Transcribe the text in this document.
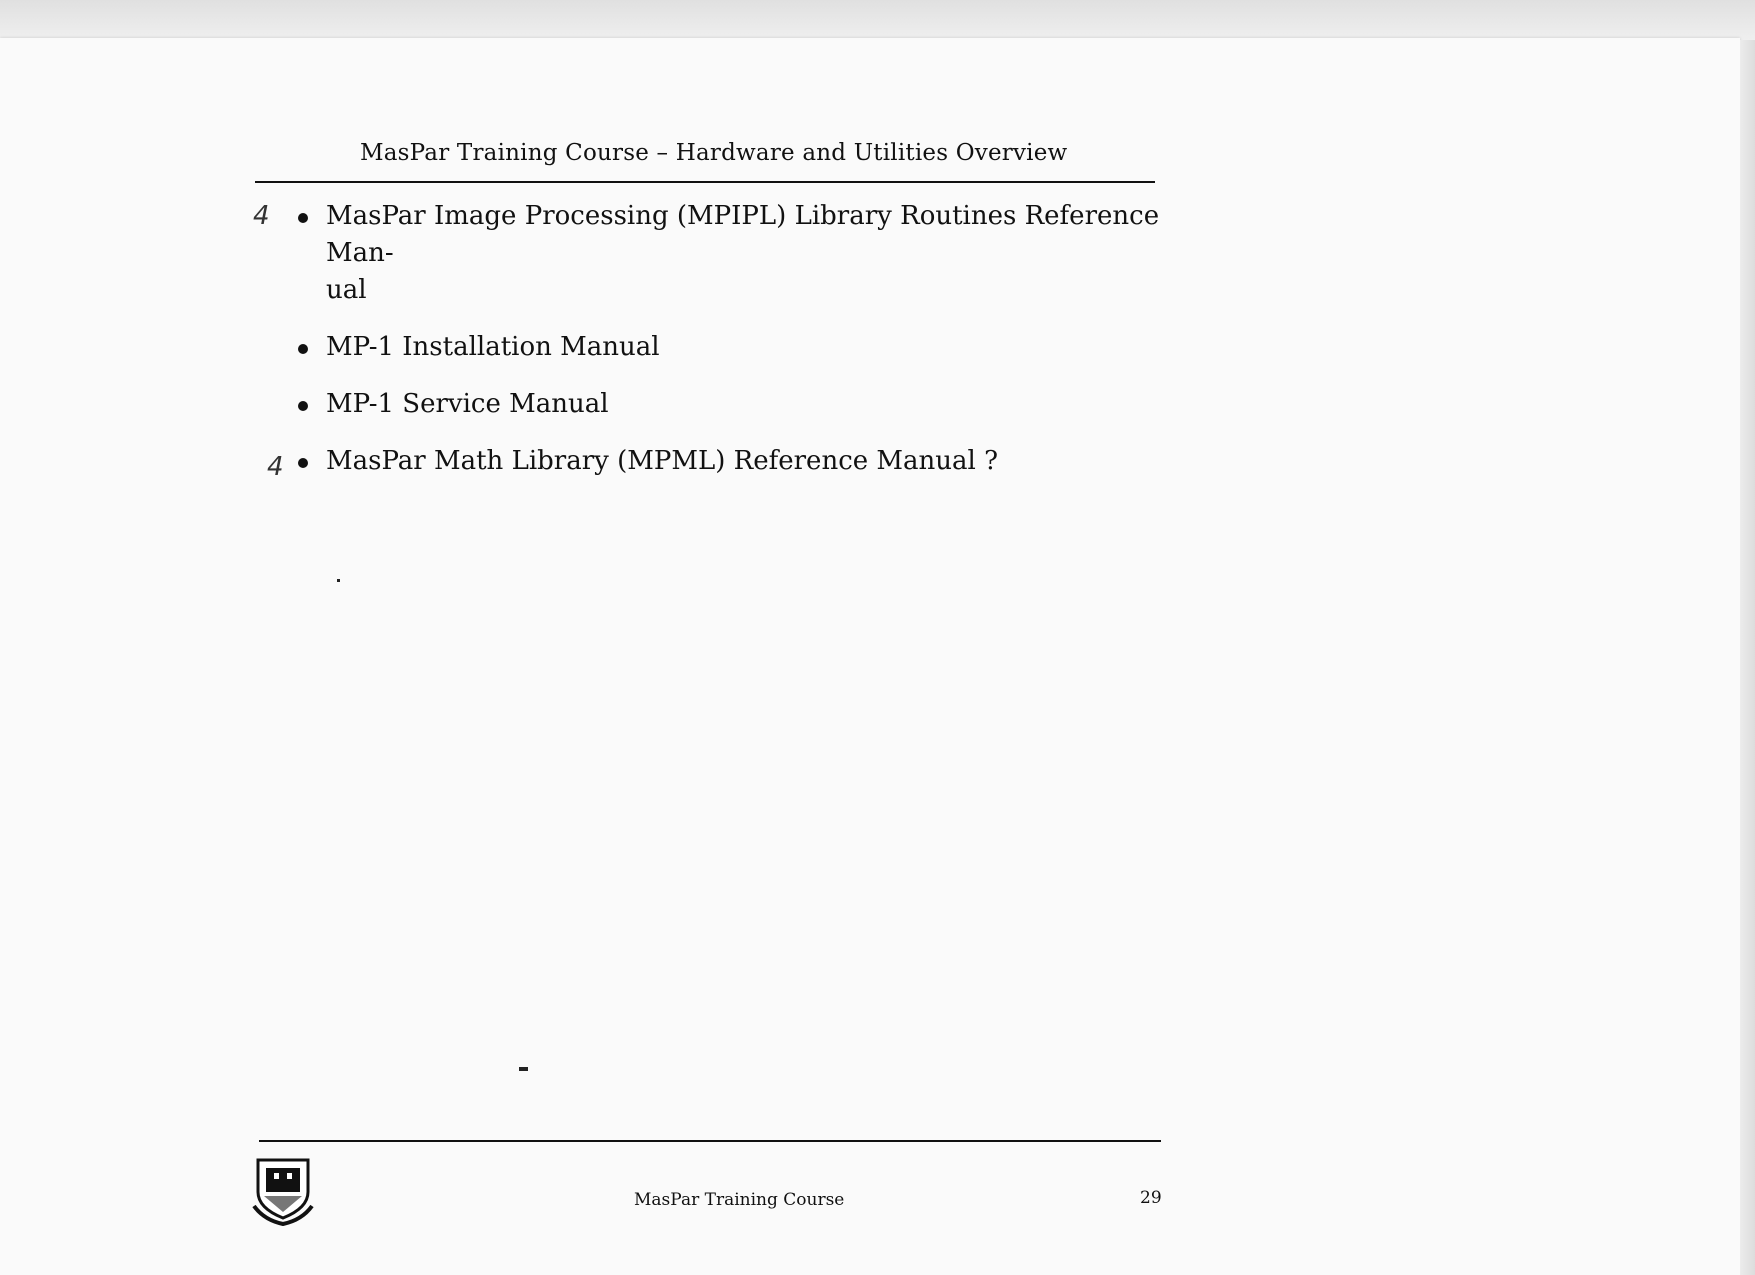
MasPar Training Course – Hardware and Utilities Overview
4 MasPar Image Processing (MPIPL) Library Routines Reference Man-
ual
MP-1 Installation Manual
MP-1 Service Manual
4 MasPar Math Library (MPML) Reference Manual ?
MasPar Training Course	29
